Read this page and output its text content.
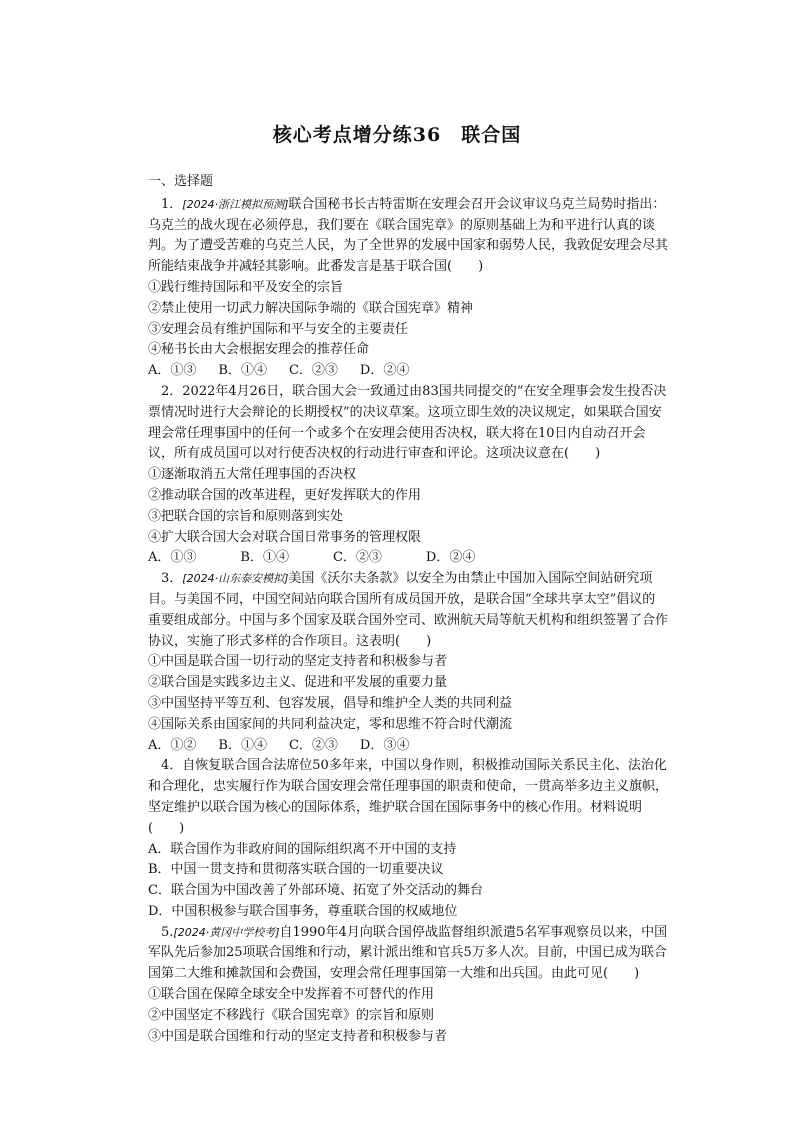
核心考点增分练36　联合国
一、选择题
 1．[2024·浙江模拟预测]联合国秘书长古特雷斯在安理会召开会议审议乌克兰局势时指出：乌克兰的战火现在必须停息，我们要在《联合国宪章》的原则基础上为和平进行认真的谈判。为了遭受苦难的乌克兰人民，为了全世界的发展中国家和弱势人民，我敦促安理会尽其所能结束战争并减轻其影响。此番发言是基于联合国(　　)
①践行维持国际和平及安全的宗旨
②禁止使用一切武力解决国际争端的《联合国宪章》精神
③安理会员有维护国际和平与安全的主要责任
④秘书长由大会根据安理会的推荐任命
A．①③ B．①④ C．②③ D．②④
 2．2022年4月26日，联合国大会一致通过由83国共同提交的“在安全理事会发生投否决票情况时进行大会辩论的长期授权”的决议草案。这项立即生效的决议规定，如果联合国安理会常任理事国中的任何一个或多个在安理会使用否决权，联大将在10日内自动召开会议，所有成员国可以对行使否决权的行动进行审查和评论。这项决议意在(　　)
①逐渐取消五大常任理事国的否决权
②推动联合国的改革进程，更好发挥联大的作用
③把联合国的宗旨和原则落到实处
④扩大联合国大会对联合国日常事务的管理权限
A．①③	B．①④	C．②③	D．②④
 3．[2024·山东泰安模拟]美国《沃尔夫条款》以安全为由禁止中国加入国际空间站研究项目。与美国不同，中国空间站向联合国所有成员国开放，是联合国“全球共享太空”倡议的重要组成部分。中国与多个国家及联合国外空司、欧洲航天局等航天机构和组织签署了合作协议，实施了形式多样的合作项目。这表明(　　)
①中国是联合国一切行动的坚定支持者和积极参与者
②联合国是实践多边主义、促进和平发展的重要力量
③中国坚持平等互利、包容发展，倡导和维护全人类的共同利益
④国际关系由国家间的共同利益决定，零和思维不符合时代潮流
A．①② B．①④ C．②③ D．③④
 4．自恢复联合国合法席位50多年来，中国以身作则，积极推动国际关系民主化、法治化和合理化，忠实履行作为联合国安理会常任理事国的职责和使命，一贯高举多边主义旗帜，坚定维护以联合国为核心的国际体系，维护联合国在国际事务中的核心作用。材料说明(　　)
A．联合国作为非政府间的国际组织离不开中国的支持
B．中国一贯支持和贯彻落实联合国的一切重要决议
C．联合国为中国改善了外部环境、拓宽了外交活动的舞台
D．中国积极参与联合国事务，尊重联合国的权威地位
 5.[2024·黄冈中学校考]自1990年4月向联合国停战监督组织派遣5名军事观察员以来，中国军队先后参加25项联合国维和行动，累计派出维和官兵5万多人次。目前，中国已成为联合国第二大维和摊款国和会费国，安理会常任理事国第一大维和出兵国。由此可见(　　)
①联合国在保障全球安全中发挥着不可替代的作用
②中国坚定不移践行《联合国宪章》的宗旨和原则
③中国是联合国维和行动的坚定支持者和积极参与者
